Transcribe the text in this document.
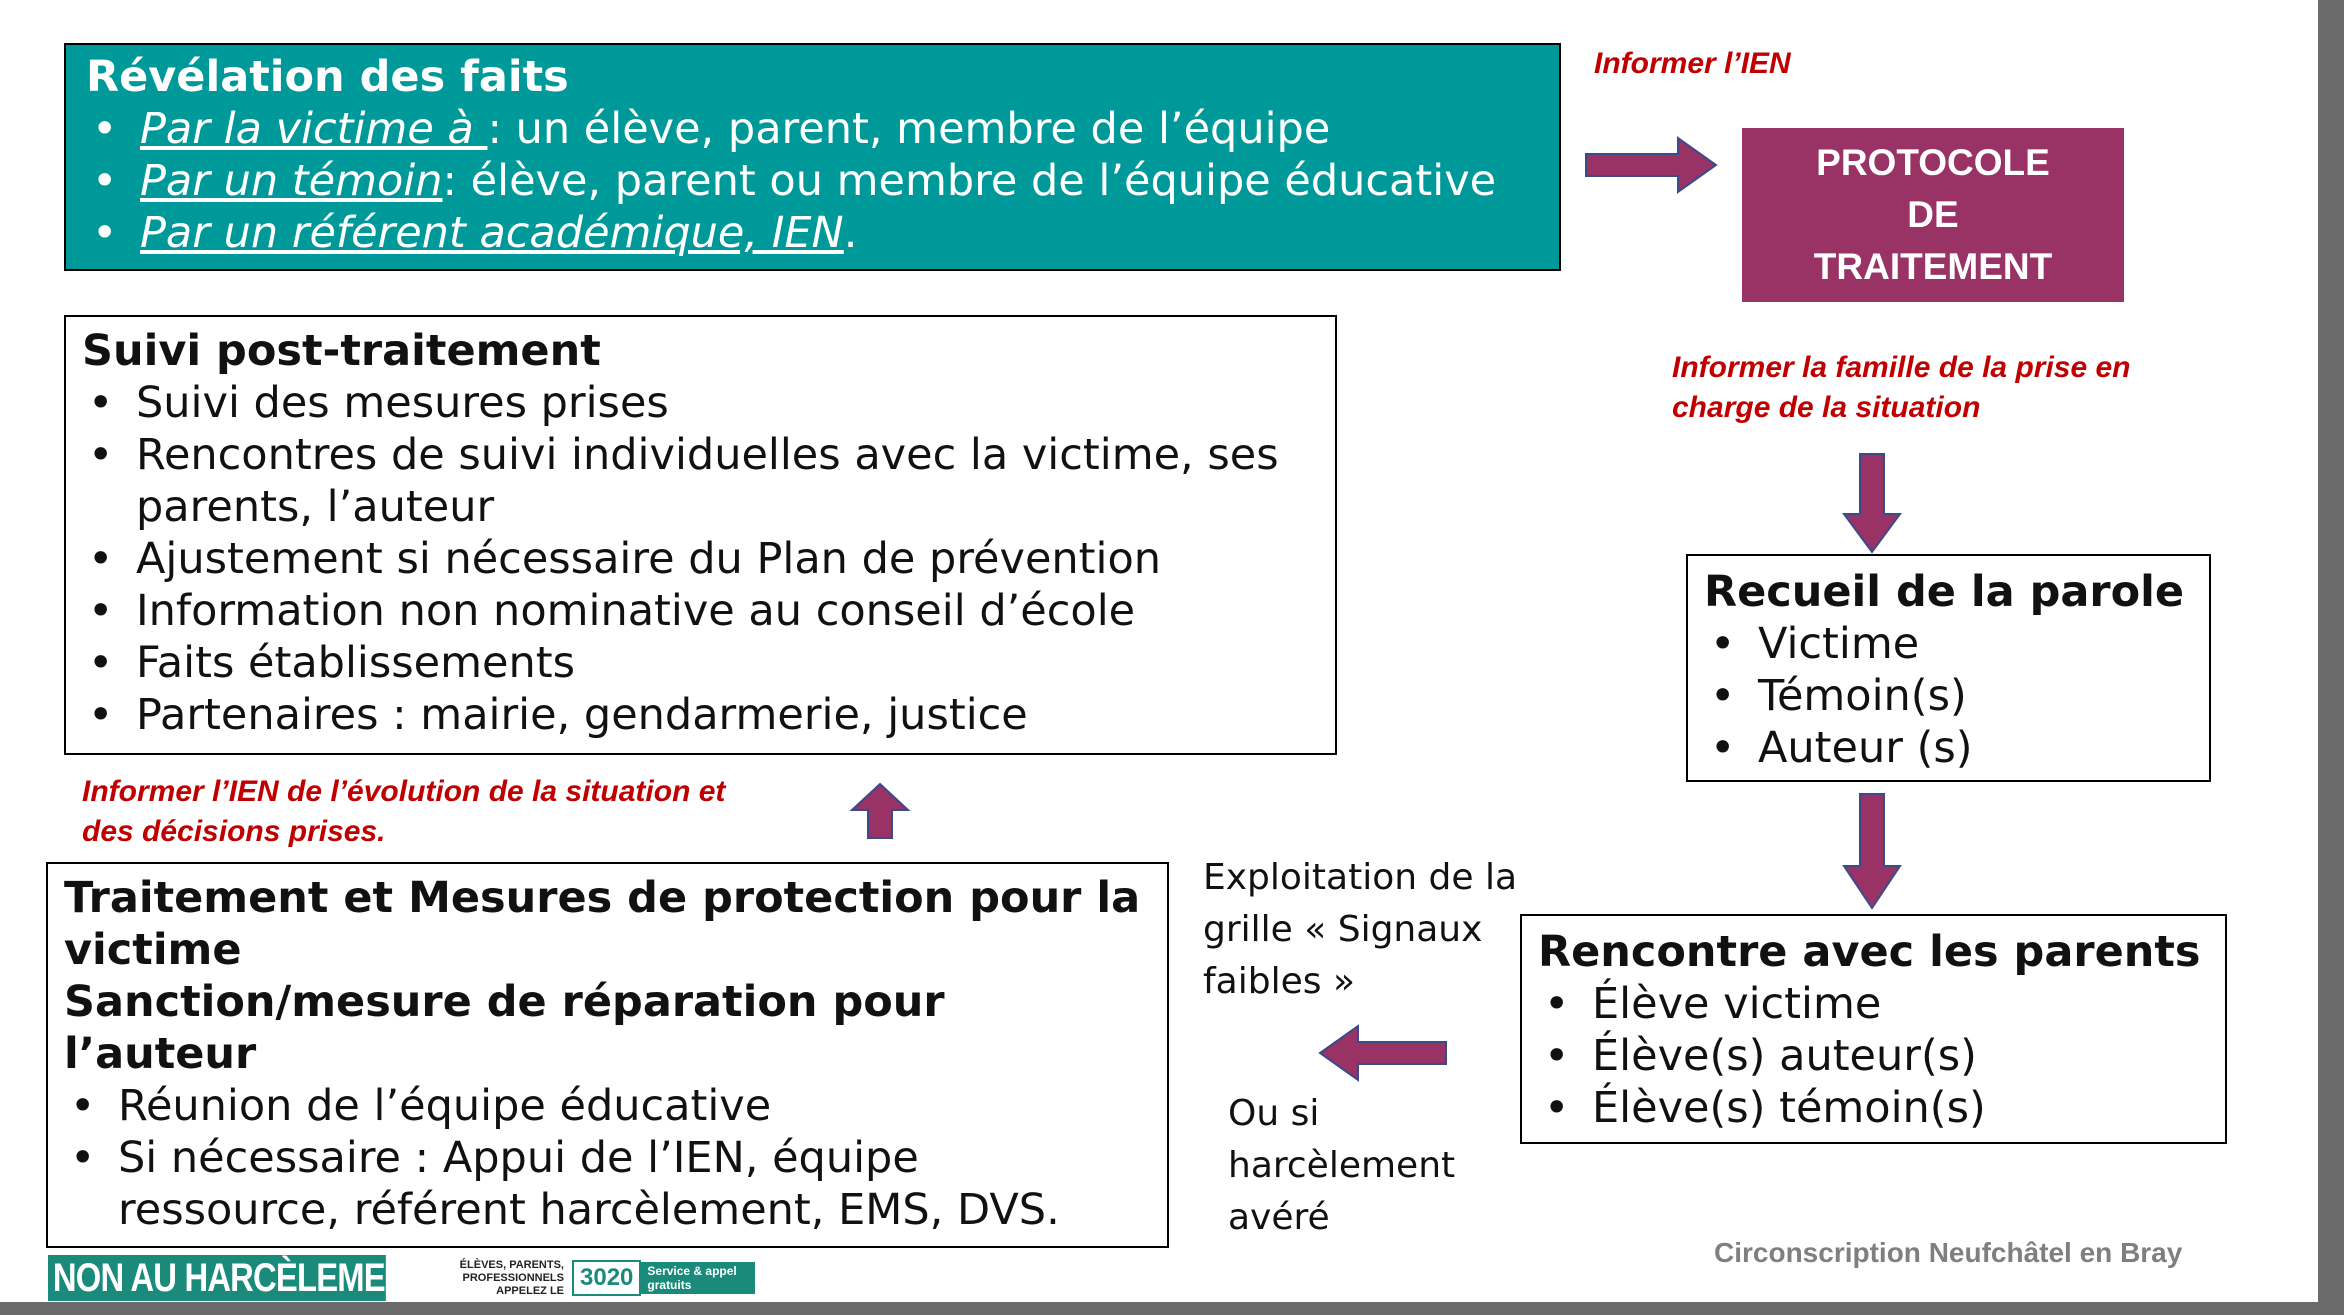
Révélation des faits
• Par la victime à : un élève, parent, membre de l’équipe
• Par un témoin: élève, parent ou membre de l’équipe éducative
• Par un référent académique, IEN.
Informer l’IEN
PROTOCOLE
DE
TRAITEMENT
Informer la famille de la prise en
charge de la situation
Recueil de la parole
• Victime
• Témoin(s)
• Auteur (s)
Rencontre avec les parents
• Élève victime
• Élève(s) auteur(s)
• Élève(s) témoin(s)
Exploitation de la
grille « Signaux
faibles »
Ou si
harcèlement
avéré
Traitement et Mesures de protection pour la
victime
Sanction/mesure de réparation pour
l’auteur
• Réunion de l’équipe éducative
• Si nécessaire : Appui de l’IEN, équipe ressource, référent harcèlement, EMS, DVS.
Informer l’IEN de l’évolution de la situation et
des décisions prises.
Suivi post-traitement
• Suivi des mesures prises
• Rencontres de suivi individuelles avec la victime, ses parents, l’auteur
• Ajustement si nécessaire du Plan de prévention
• Information non nominative au conseil d’école
• Faits établissements
• Partenaires : mairie, gendarmerie, justice
NON AU HARCÈLEMENT	ÉLÈVES, PARENTS, PROFESSIONNELS
APPELEZ LE 3020	Service & appel
gratuits
Circonscription Neufchâtel en Bray
